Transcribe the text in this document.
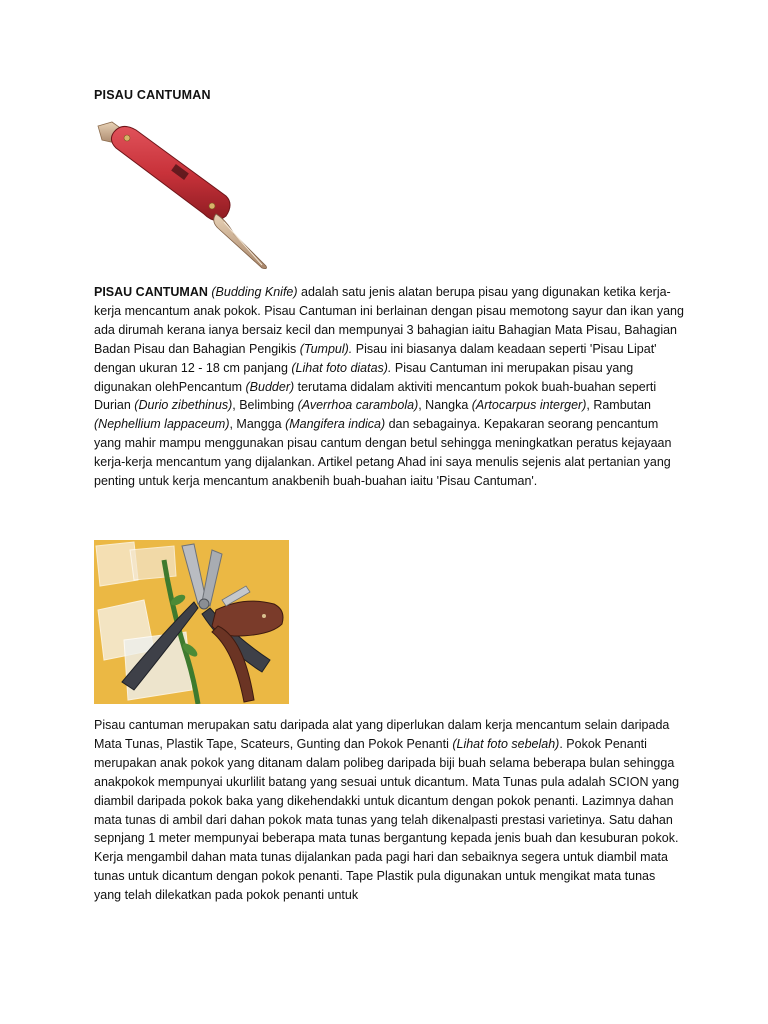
PISAU CANTUMAN

PISAU CANTUMAN (Budding Knife) adalah satu jenis alatan berupa pisau yang digunakan ketika kerja-kerja mencantum anak pokok. Pisau Cantuman ini berlainan dengan pisau memotong sayur dan ikan yang ada dirumah kerana ianya bersaiz kecil dan mempunyai 3 bahagian iaitu Bahagian Mata Pisau, Bahagian Badan Pisau dan Bahagian Pengikis (Tumpul). Pisau ini biasanya dalam keadaan seperti 'Pisau Lipat' dengan ukuran 12 - 18 cm panjang (Lihat foto diatas). Pisau Cantuman ini merupakan pisau yang digunakan olehPencantum (Budder) terutama didalam aktiviti mencantum pokok buah-buahan seperti Durian (Durio zibethinus), Belimbing (Averrhoa carambola), Nangka (Artocarpus interger), Rambutan (Nephellium lappaceum), Mangga (Mangifera indica) dan sebagainya. Kepakaran seorang pencantum yang mahir mampu menggunakan pisau cantum dengan betul sehingga meningkatkan peratus kejayaan kerja-kerja mencantum yang dijalankan. Artikel petang Ahad ini saya menulis sejenis alat pertanian yang penting untuk kerja mencantum anakbenih buah-buahan iaitu 'Pisau Cantuman'.

Pisau cantuman merupakan satu daripada alat yang diperlukan dalam kerja mencantum selain daripada Mata Tunas, Plastik Tape, Scateurs, Gunting dan Pokok Penanti (Lihat foto sebelah). Pokok Penanti merupakan anak pokok yang ditanam dalam polibeg daripada biji buah selama beberapa bulan sehingga anakpokok mempunyai ukurlilit batang yang sesuai untuk dicantum. Mata Tunas pula adalah SCION yang diambil daripada pokok baka yang dikehendakki untuk dicantum dengan pokok penanti. Lazimnya dahan mata tunas di ambil dari dahan pokok mata tunas yang telah dikenalpasti prestasi varietinya. Satu dahan sepnjang 1 meter mempunyai beberapa mata tunas bergantung kepada jenis buah dan kesuburan pokok. Kerja mengambil dahan mata tunas dijalankan pada pagi hari dan sebaiknya segera untuk diambil mata tunas untuk dicantum dengan pokok penanti. Tape Plastik pula digunakan untuk mengikat mata tunas yang telah dilekatkan pada pokok penanti untuk
